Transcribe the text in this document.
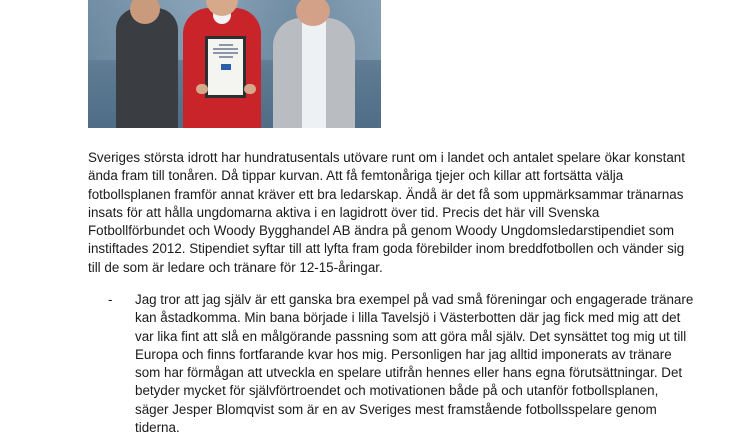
Sveriges största idrott har hundratusentals utövare runt om i landet och antalet spelare ökar konstant
ända fram till tonåren. Då tippar kurvan. Att få femtonåriga tjejer och killar att fortsätta välja
fotbollsplanen framför annat kräver ett bra ledarskap. Ändå är det få som uppmärksammar tränarnas
insats för att hålla ungdomarna aktiva i en lagidrott över tid. Precis det här vill Svenska
Fotbollförbundet och Woody Bygghandel AB ändra på genom Woody Ungdomsledarstipendiet som
instiftades 2012. Stipendiet syftar till att lyfta fram goda förebilder inom breddfotbollen och vänder sig
till de som är ledare och tränare för 12-15-åringar.

- Jag tror att jag själv är ett ganska bra exempel på vad små föreningar och engagerade tränare
kan åstadkomma. Min bana började i lilla Tavelsjö i Västerbotten där jag fick med mig att det
var lika fint att slå en målgörande passning som att göra mål själv. Det synsättet tog mig ut till
Europa och finns fortfarande kvar hos mig. Personligen har jag alltid imponerats av tränare
som har förmågan att utveckla en spelare utifrån hennes eller hans egna förutsättningar. Det
betyder mycket för självförtroendet och motivationen både på och utanför fotbollsplanen,
säger Jesper Blomqvist som är en av Sveriges mest framstående fotbollsspelare genom
tiderna.
